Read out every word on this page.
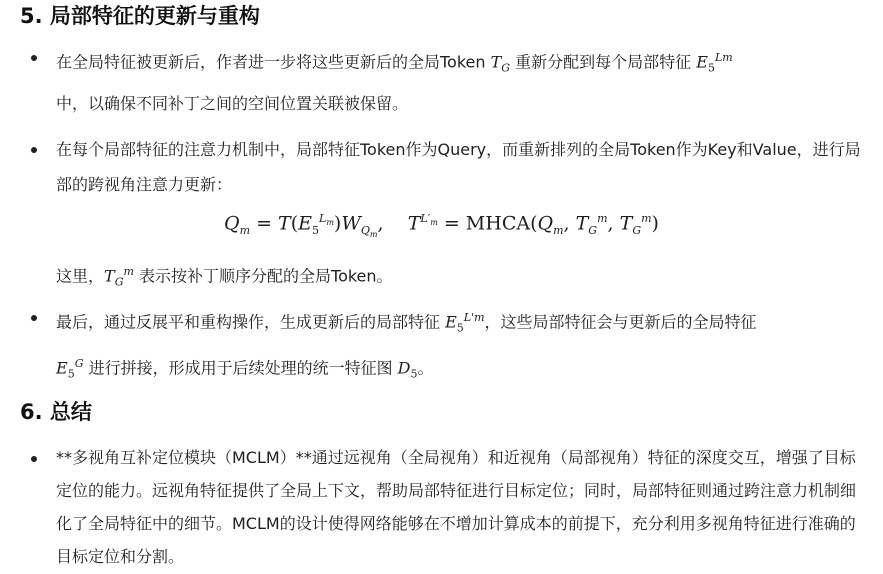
5. 局部特征的更新与重构
在全局特征被更新后，作者进一步将这些更新后的全局Token $T_G$ 重新分配到每个局部特征 $E_5^{Lm}$
中，以确保不同补丁之间的空间位置关联被保留。
在每个局部特征的注意力机制中，局部特征Token作为Query，而重新排列的全局Token作为Key和Value，进行局部的跨视角注意力更新：
$Q_m = T(E_5^{L_m})W_{Q_m}$,    $T^{L'_m}$ = $MHCA(Q_m$, $T_G^m$, $T_G^m$)
这里，$T_G^m$ 表示按补丁顺序分配的全局Token。
最后，通过反展平和重构操作，生成更新后的局部特征 $E_5^{L'm}$，这些局部特征会与更新后的全局特征
$E_5^G$ 进行拼接，形成用于后续处理的统一特征图 $D_5$。
6. 总结
**多视角互补定位模块（MCLM）**通过远视角（全局视角）和近视角（局部视角）特征的深度交互，增强了目标定位的能力。远视角特征提供了全局上下文，帮助局部特征进行目标定位；同时，局部特征则通过跨注意力机制细化了全局特征中的细节。MCLM的设计使得网络能够在不增加计算成本的前提下，充分利用多视角特征进行准确的目标定位和分割。
